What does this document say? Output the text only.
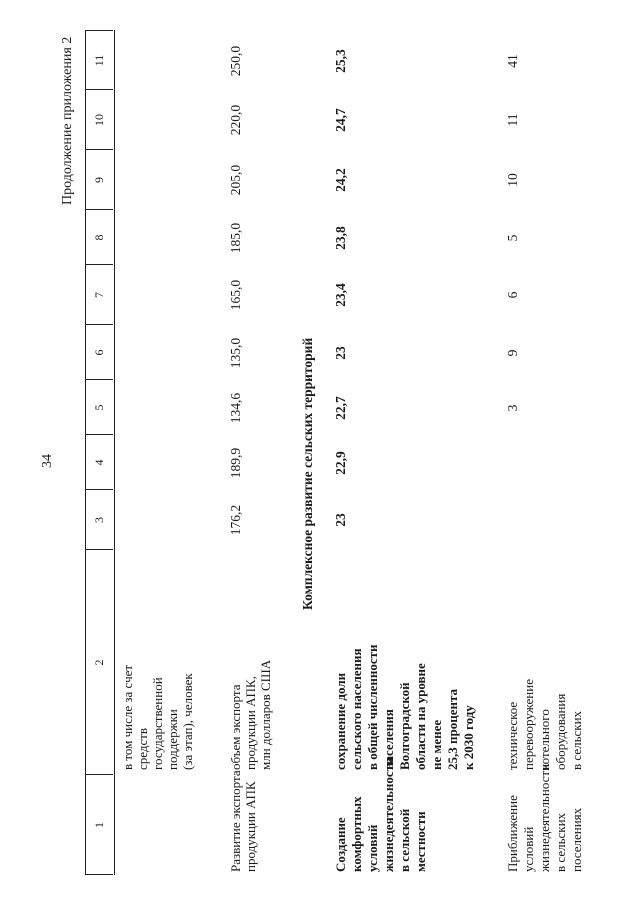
34
Продолжение приложения 2
1
2
3
4
5
6
7
8
9
10
11
в том числе за счет средств государственной поддержки (за этап), человек
Развитие экспорта продукции АПК
объем экспорта продукции АПК, млн долларов США
176,2
189,9
134,6
135,0
165,0
185,0
205,0
220,0
250,0
Комплексное развитие сельских территорий
Создание комфортных условий жизнедеятельности в сельской местности
сохранение доли сельского населения в общей численности населения Волгоградской области на уровне не менее 25,3 процента к 2030 году
23
22,9
22,7
23
23,4
23,8
24,2
24,7
25,3
Приближение условий жизнедеятельности в сельских поселениях
техническое перевооружение котельного оборудования в сельских
3
9
6
5
10
11
41
